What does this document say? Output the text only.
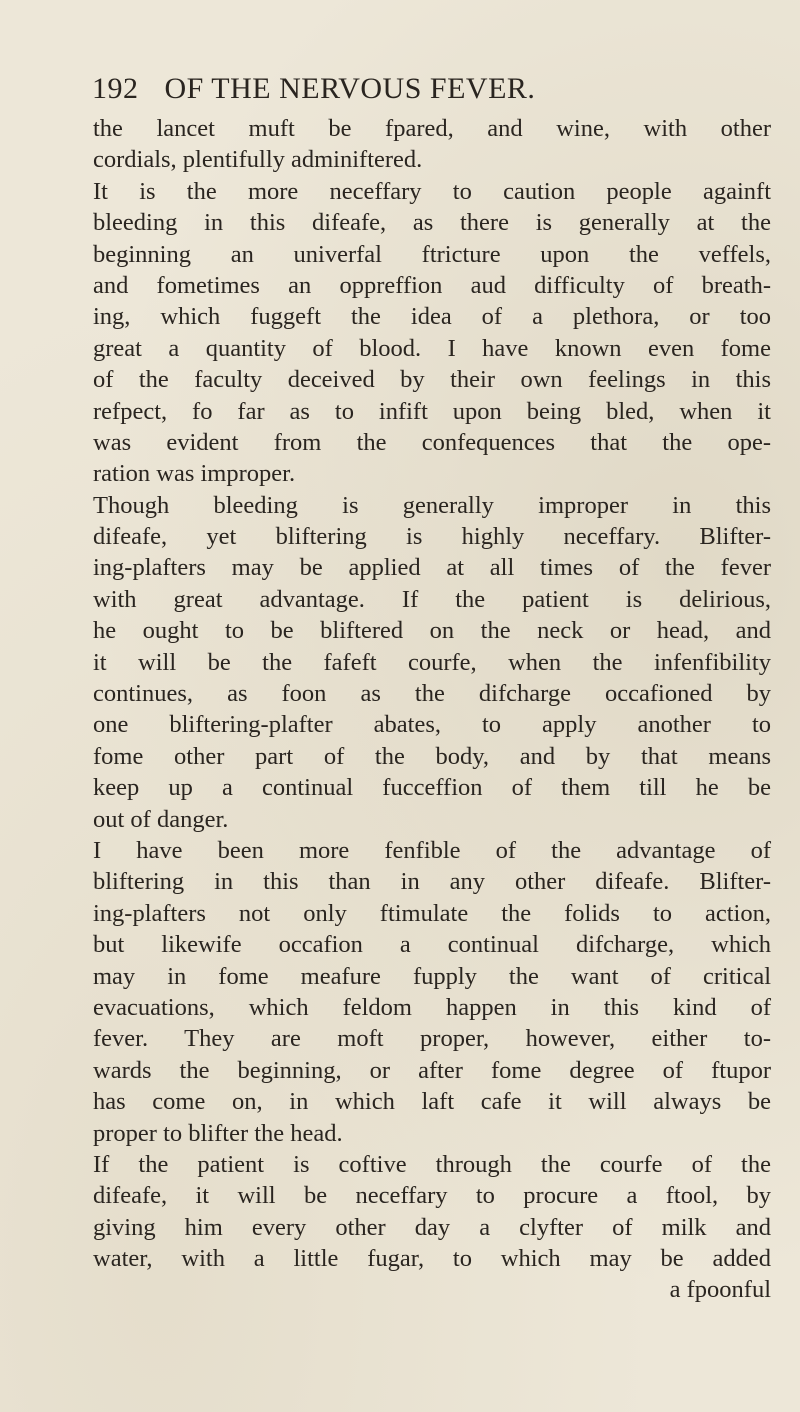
192 OF THE NERVOUS FEVER.
the lancet muft be fpared, and wine, with other
cordials, plentifully adminiftered.
It is the more neceffary to caution people againft
bleeding in this difeafe, as there is generally at the
beginning an univerfal ftricture upon the veffels,
and fometimes an oppreffion aud difficulty of breath-
ing, which fuggeft the idea of a plethora, or too
great a quantity of blood. I have known even fome
of the faculty deceived by their own feelings in this
refpect, fo far as to infift upon being bled, when it
was evident from the confequences that the ope-
ration was improper.
Though bleeding is generally improper in this
difeafe, yet bliftering is highly neceffary. Blifter-
ing-plafters may be applied at all times of the fever
with great advantage. If the patient is delirious,
he ought to be bliftered on the neck or head, and
it will be the fafeft courfe, when the infenfibility
continues, as foon as the difcharge occafioned by
one bliftering-plafter abates, to apply another to
fome other part of the body, and by that means
keep up a continual fucceffion of them till he be
out of danger.
I have been more fenfible of the advantage of
bliftering in this than in any other difeafe. Blifter-
ing-plafters not only ftimulate the folids to action,
but likewife occafion a continual difcharge, which
may in fome meafure fupply the want of critical
evacuations, which feldom happen in this kind of
fever. They are moft proper, however, either to-
wards the beginning, or after fome degree of ftupor
has come on, in which laft cafe it will always be
proper to blifter the head.
If the patient is coftive through the courfe of the
difeafe, it will be neceffary to procure a ftool, by
giving him every other day a clyfter of milk and
water, with a little fugar, to which may be added
a fpoonful
